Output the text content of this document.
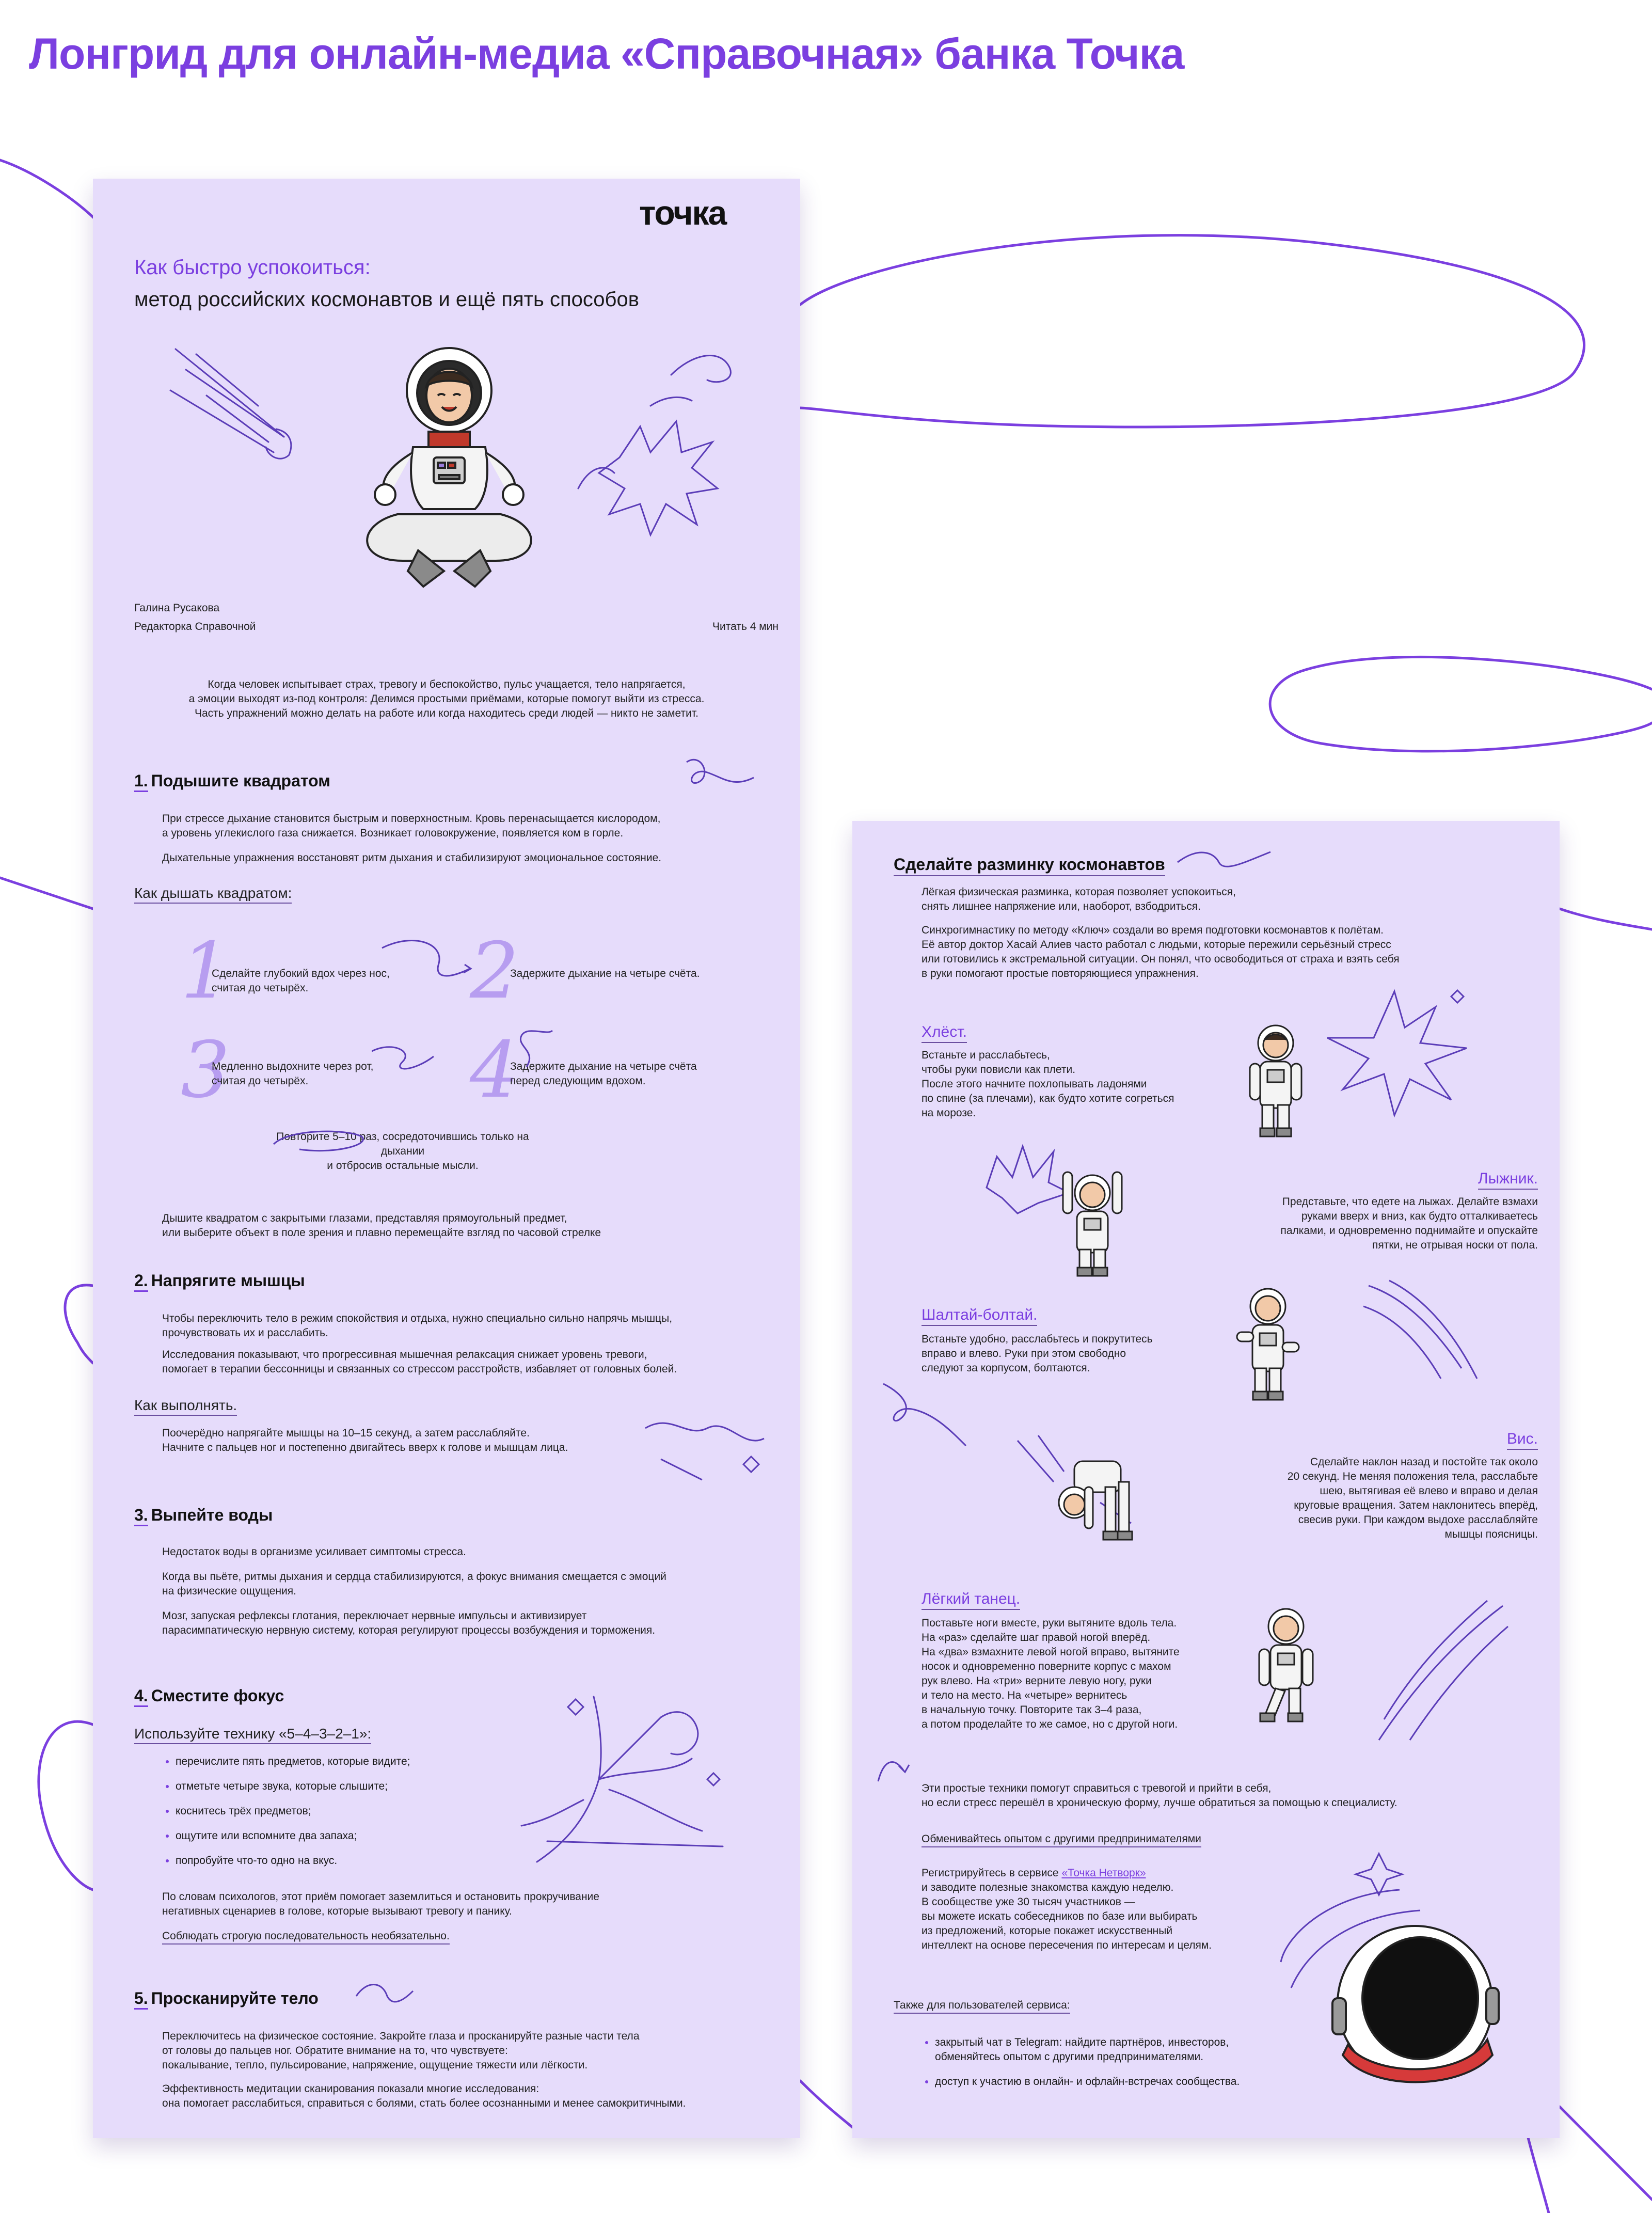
Лонгрид для онлайн-медиа «Справочная» банка Точка
точка
Как быстро успокоиться:
метод российских космонавтов и ещё пять способов
Галина Русакова
Редакторка Справочной	Читать 4 мин
Когда человек испытывает страх, тревогу и беспокойство, пульс учащается, тело напрягается,
а эмоции выходят из-под контроля: Делимся простыми приёмами, которые помогут выйти из стресса.
Часть упражнений можно делать на работе или когда находитесь среди людей — никто не заметит.
1. Подышите квадратом
При стрессе дыхание становится быстрым и поверхностным. Кровь перенасыщается кислородом,
а уровень углекислого газа снижается. Возникает головокружение, появляется ком в горле.
Дыхательные упражнения восстановят ритм дыхания и стабилизируют эмоциональное состояние.
Как дышать квадратом:
1
Сделайте глубокий вдох через нос,
считая до четырёх.	2
Задержите дыхание на четыре счёта.
3
Медленно выдохните через рот,
считая до четырёх.	4
Задержите дыхание на четыре счёта
перед следующим вдохом.
Повторите 5–10 раз, сосредоточившись только на дыхании
и отбросив остальные мысли.
Дышите квадратом с закрытыми глазами, представляя прямоугольный предмет,
или выберите объект в поле зрения и плавно перемещайте взгляд по часовой стрелке
2. Напрягите мышцы
Чтобы переключить тело в режим спокойствия и отдыха, нужно специально сильно напрячь мышцы,
прочувствовать их и расслабить.
Исследования показывают, что прогрессивная мышечная релаксация снижает уровень тревоги,
помогает в терапии бессонницы и связанных со стрессом расстройств, избавляет от головных болей.
Как выполнять.
Поочерёдно напрягайте мышцы на 10–15 секунд, а затем расслабляйте.
Начните с пальцев ног и постепенно двигайтесь вверх к голове и мышцам лица.
3. Выпейте воды
Недостаток воды в организме усиливает симптомы стресса.
Когда вы пьёте, ритмы дыхания и сердца стабилизируются, а фокус внимания смещается с эмоций
на физические ощущения.
Мозг, запуская рефлексы глотания, переключает нервные импульсы и активизирует
парасимпатическую нервную систему, которая регулируют процессы возбуждения и торможения.
4. Сместите фокус
Используйте технику «5–4–3–2–1»:
• перечислите пять предметов, которые видите;
• отметьте четыре звука, которые слышите;
• коснитесь трёх предметов;
• ощутите или вспомните два запаха;
• попробуйте что-то одно на вкус.
По словам психологов, этот приём помогает заземлиться и остановить прокручивание
негативных сценариев в голове, которые вызывают тревогу и панику.
Соблюдать строгую последовательность необязательно.
5. Просканируйте тело
Переключитесь на физическое состояние. Закройте глаза и просканируйте разные части тела
от головы до пальцев ног. Обратите внимание на то, что чувствуете:
покалывание, тепло, пульсирование, напряжение, ощущение тяжести или лёгкости.
Эффективность медитации сканирования показали многие исследования:
она помогает расслабиться, справиться с болями, стать более осознанными и менее самокритичными.
Сделайте разминку космонавтов
Лёгкая физическая разминка, которая позволяет успокоиться,
снять лишнее напряжение или, наоборот, взбодриться.
Синхрогимнастику по методу «Ключ» создали во время подготовки космонавтов к полётам.
Её автор доктор Хасай Алиев часто работал с людьми, которые пережили серьёзный стресс
или готовились к экстремальной ситуации. Он понял, что освободиться от страха и взять себя
в руки помогают простые повторяющиеся упражнения.
Хлёст.
Встаньте и расслабьтесь,
чтобы руки повисли как плети.
После этого начните похлопывать ладонями
по спине (за плечами), как будто хотите согреться
на морозе.
Лыжник.
Представьте, что едете на лыжах. Делайте взмахи
руками вверх и вниз, как будто отталкиваетесь
палками, и одновременно поднимайте и опускайте
пятки, не отрывая носки от пола.
Шалтай-болтай.
Встаньте удобно, расслабьтесь и покрутитесь
вправо и влево. Руки при этом свободно
следуют за корпусом, болтаются.
Вис.
Сделайте наклон назад и постойте так около
20 секунд. Не меняя положения тела, расслабьте
шею, вытягивая её влево и вправо и делая
круговые вращения. Затем наклонитесь вперёд,
свесив руки. При каждом выдохе расслабляйте
мышцы поясницы.
Лёгкий танец.
Поставьте ноги вместе, руки вытяните вдоль тела.
На «раз» сделайте шаг правой ногой вперёд.
На «два» взмахните левой ногой вправо, вытяните
носок и одновременно поверните корпус с махом
рук влево. На «три» верните левую ногу, руки
и тело на место. На «четыре» вернитесь
в начальную точку. Повторите так 3–4 раза,
а потом проделайте то же самое, но с другой ноги.
Эти простые техники помогут справиться с тревогой и прийти в себя,
но если стресс перешёл в хроническую форму, лучше обратиться за помощью к специалисту.
Обменивайтесь опытом с другими предпринимателями
Регистрируйтесь в сервисе «Точка Нетворк»
и заводите полезные знакомства каждую неделю.
В сообществе уже 30 тысяч участников —
вы можете искать собеседников по базе или выбирать
из предложений, которые покажет искусственный
интеллект на основе пересечения по интересам и целям.
Также для пользователей сервиса:
• закрытый чат в Telegram: найдите партнёров, инвесторов,
обменяйтесь опытом с другими предпринимателями.
• доступ к участию в онлайн- и офлайн-встречах сообщества.
